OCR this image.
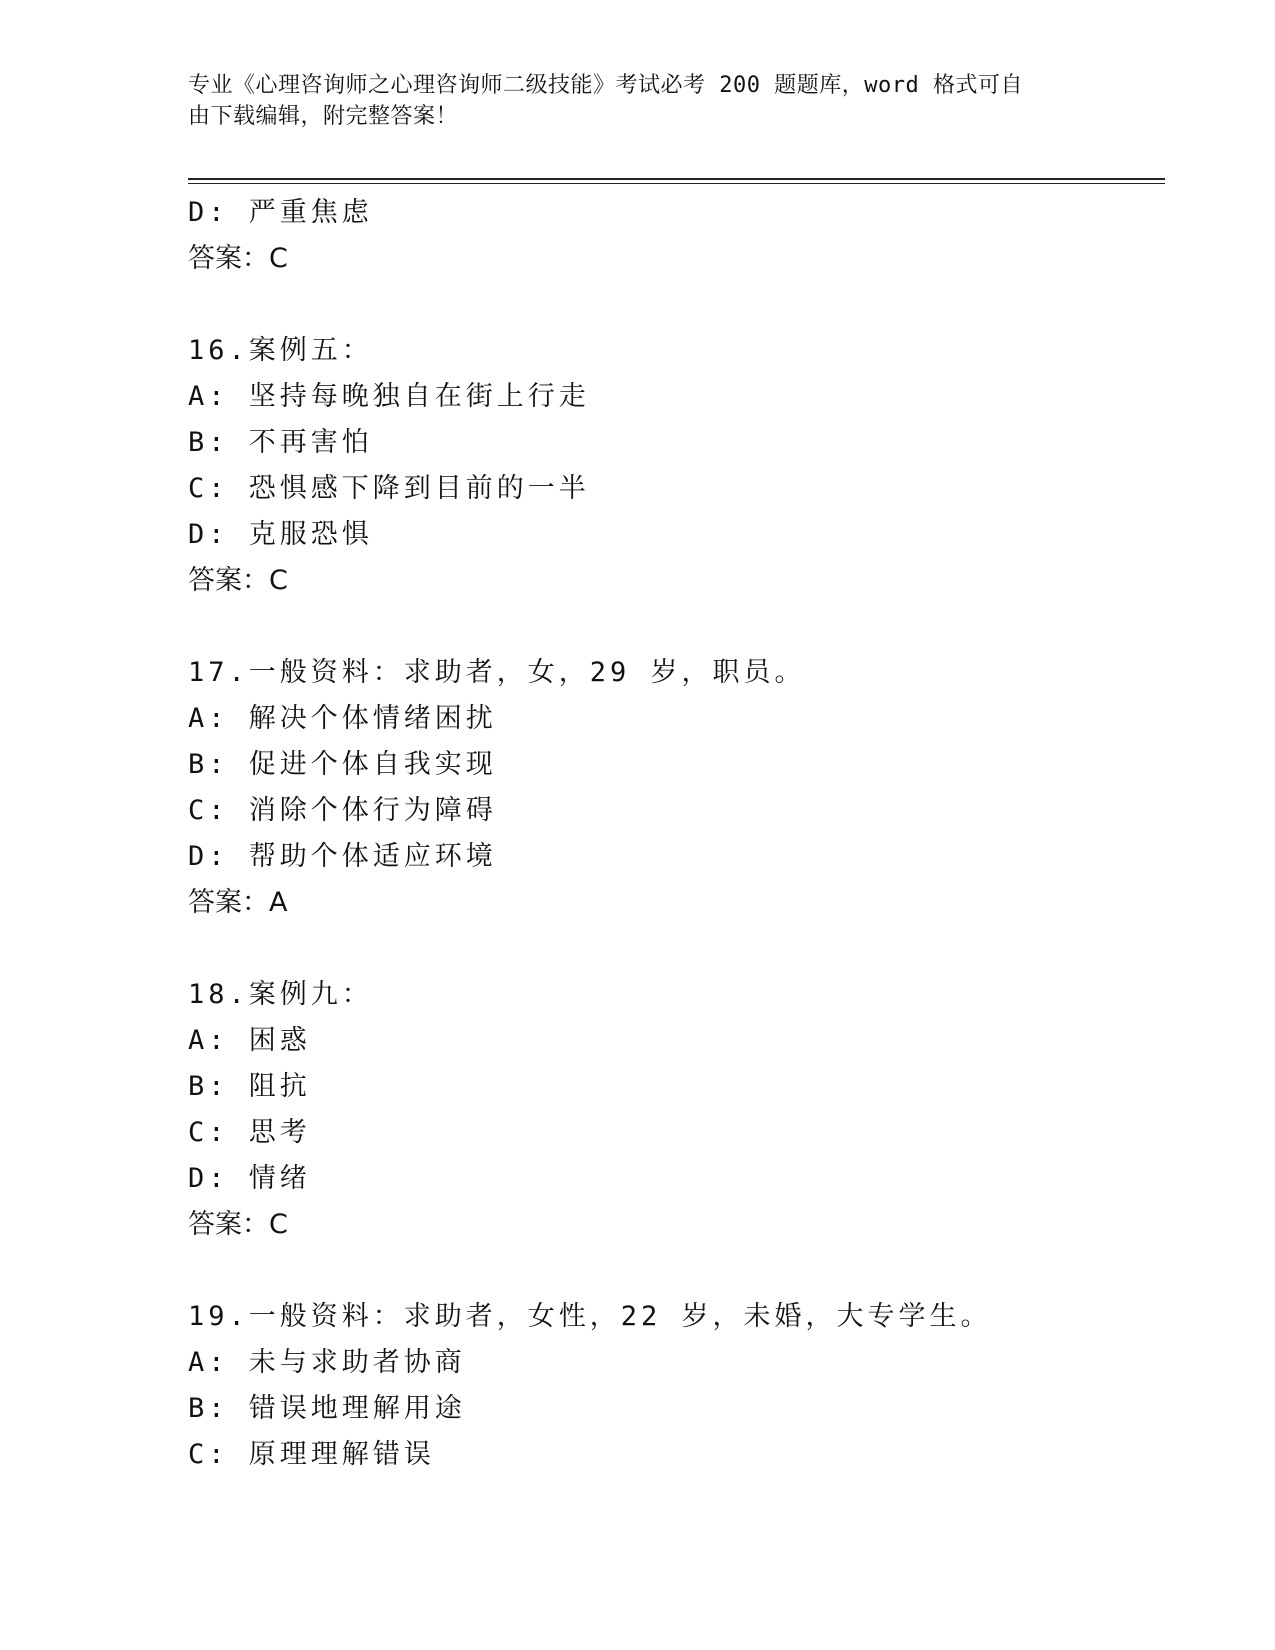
专业《心理咨询师之心理咨询师二级技能》考试必考 200 题题库，word 格式可自
由下载编辑，附完整答案！
D: 严重焦虑
答案：C
16.案例五：
A: 坚持每晚独自在街上行走
B: 不再害怕
C: 恐惧感下降到目前的一半
D: 克服恐惧
答案：C
17.一般资料：求助者，女，29 岁，职员。
A: 解决个体情绪困扰
B: 促进个体自我实现
C: 消除个体行为障碍
D: 帮助个体适应环境
答案：A
18.案例九：
A: 困惑
B: 阻抗
C: 思考
D: 情绪
答案：C
19.一般资料：求助者，女性，22 岁，未婚，大专学生。
A: 未与求助者协商
B: 错误地理解用途
C: 原理理解错误
